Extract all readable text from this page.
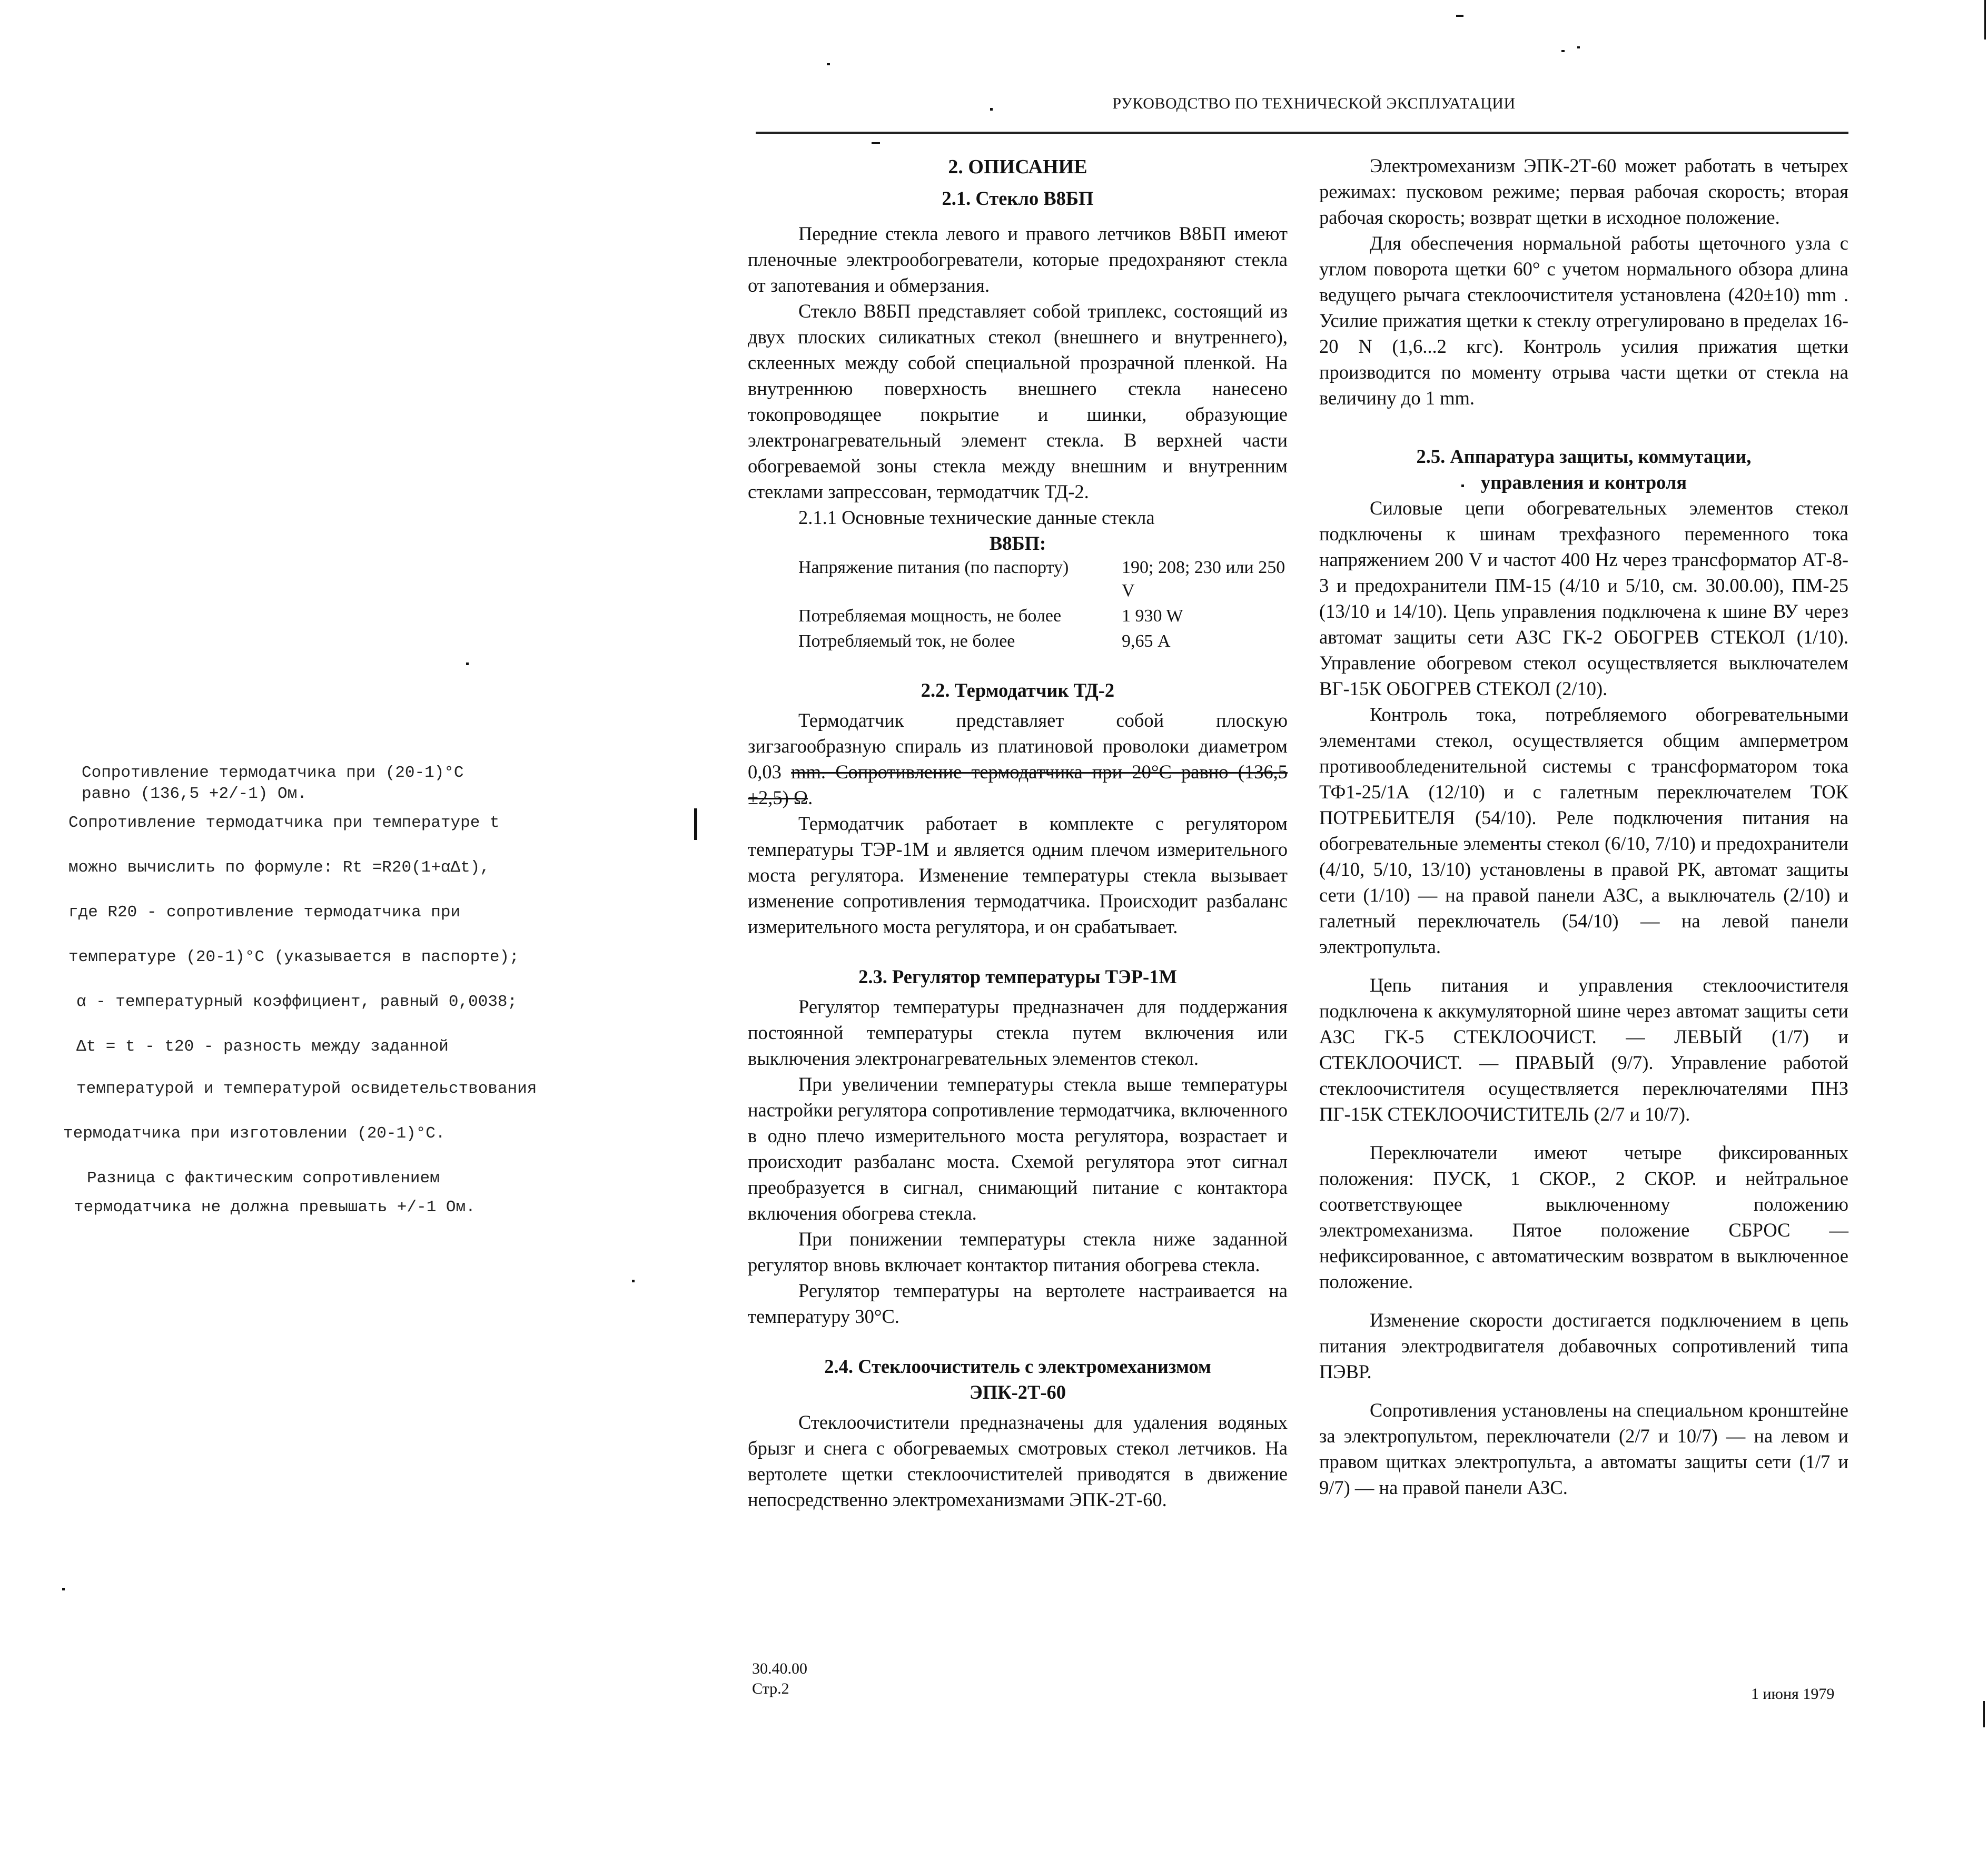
РУКОВОДСТВО ПО ТЕХНИЧЕСКОЙ ЭКСПЛУАТАЦИИ
Сопротивление термодатчика при (20-1)°С
равно (136,5 +2/-1) Ом.
Сопротивление термодатчика при температуре t
можно вычислить по формуле: Rt =R20(1+αΔt),
где R20 - сопротивление термодатчика при
температуре (20-1)°С (указывается в паспорте);
α - температурный коэффициент, равный 0,0038;
Δt = t - t20 - разность между заданной
температурой и температурой освидетельствования
термодатчика при изготовлении (20-1)°С.
Разница с фактическим сопротивлением
термодатчика не должна превышать +/-1 Ом.
2. ОПИСАНИЕ
2.1. Стекло В8БП

Передние стекла левого и правого летчиков В8БП имеют пленочные электрообогреватели, которые предохраняют стекла от запотевания и обмерзания.

Стекло В8БП представляет собой триплекс, состоящий из двух плоских силикатных стекол (внешнего и внутреннего), склеенных между собой специальной прозрачной пленкой. На внутреннюю поверхность внешнего стекла нанесено токопроводящее покрытие и шинки, образующие электронагревательный элемент стекла. В верхней части обогреваемой зоны стекла между внешним и внутренним стеклами запрессован, термодатчик ТД-2.

2.1.1 Основные технические данные стекла

В8БП:

Напряжение питания (по паспорту)	190; 208; 230 или 250 V
Потребляемая мощность, не более	1 930 W
Потребляемый ток, не более	9,65 А
2.2. Термодатчик ТД-2

Термодатчик представляет собой плоскую зигзагообразную спираль из платиновой проволоки диаметром 0,03 mm. Сопротивление термодатчика при 20°С равно (136,5 ±2,5) Ω.

Термодатчик работает в комплекте с регулятором температуры ТЭР-1М и является одним плечом измерительного моста регулятора. Изменение температуры стекла вызывает изменение сопротивления термодатчика. Происходит разбаланс измерительного моста регулятора, и он срабатывает.

2.3. Регулятор температуры ТЭР-1М

Регулятор температуры предназначен для поддержания постоянной температуры стекла путем включения или выключения электронагревательных элементов стекол.

При увеличении температуры стекла выше температуры настройки регулятора сопротивление термодатчика, включенного в одно плечо измерительного моста регулятора, возрастает и происходит разбаланс моста. Схемой регулятора этот сигнал преобразуется в сигнал, снимающий питание с контактора включения обогрева стекла.

При понижении температуры стекла ниже заданной регулятор вновь включает контактор питания обогрева стекла.

Регулятор температуры на вертолете настраивается на температуру 30°С.

2.4. Стеклоочиститель с электромеханизмом
ЭПК-2Т-60

Стеклоочистители предназначены для удаления водяных брызг и снега с обогреваемых смотровых стекол летчиков. На вертолете щетки стеклоочистителей приводятся в движение непосредственно электромеханизмами ЭПК-2Т-60.

Электромеханизм ЭПК-2Т-60 может работать в четырех режимах: пусковом режиме; первая рабочая скорость; вторая рабочая скорость; возврат щетки в исходное положение.

Для обеспечения нормальной работы щеточного узла с углом поворота щетки 60° с учетом нормального обзора длина ведущего рычага стеклоочистителя установлена (420±10) mm . Усилие прижатия щетки к стеклу отрегулировано в пределах 16-20 N (1,6...2 кгс). Контроль усилия прижатия щетки производится по моменту отрыва части щетки от стекла на величину до 1 mm.

2.5. Аппаратура защиты, коммутации,
управления и контроля

Силовые цепи обогревательных элементов стекол подключены к шинам трехфазного переменного тока напряжением 200 V и частот 400 Hz через трансформатор АТ-8-3 и предохранители ПМ-15 (4/10 и 5/10, см. 30.00.00), ПМ-25 (13/10 и 14/10). Цепь управления подключена к шине ВУ через автомат защиты сети АЗС ГК-2 ОБОГРЕВ СТЕКОЛ (1/10). Управление обогревом стекол осуществляется выключателем ВГ-15К ОБОГРЕВ СТЕКОЛ (2/10).

Контроль тока, потребляемого обогревательными элементами стекол, осуществляется общим амперметром противообледенительной системы с трансформатором тока ТФ1-25/1А (12/10) и с галетным переключателем ТОК ПОТРЕБИТЕЛЯ (54/10). Реле подключения питания на обогревательные элементы стекол (6/10, 7/10) и предохранители (4/10, 5/10, 13/10) установлены в правой РК, автомат защиты сети (1/10) — на правой панели АЗС, а выключатель (2/10) и галетный переключатель (54/10) — на левой панели электропульта.

Цепь питания и управления стеклоочистителя подключена к аккумуляторной шине через автомат защиты сети АЗС ГК-5 СТЕКЛООЧИСТ. — ЛЕВЫЙ (1/7) и СТЕКЛООЧИСТ. — ПРАВЫЙ (9/7). Управление работой стеклоочистителя осуществляется переключателями ПНЗ ПГ-15К СТЕКЛООЧИСТИТЕЛЬ (2/7 и 10/7).

Переключатели имеют четыре фиксированных положения: ПУСК, 1 СКОР., 2 СКОР. и нейтральное соответствующее выключенному положению электромеханизма. Пятое положение СБРОС — нефиксированное, с автоматическим возвратом в выключенное положение.

Изменение скорости достигается подключением в цепь питания электродвигателя добавочных сопротивлений типа ПЭВР.

Сопротивления установлены на специальном кронштейне за электропультом, переключатели (2/7 и 10/7) — на левом и правом щитках электропульта, а автоматы защиты сети (1/7 и 9/7) — на правой панели АЗС.

30.40.00
Стр.2	1 июня 1979
